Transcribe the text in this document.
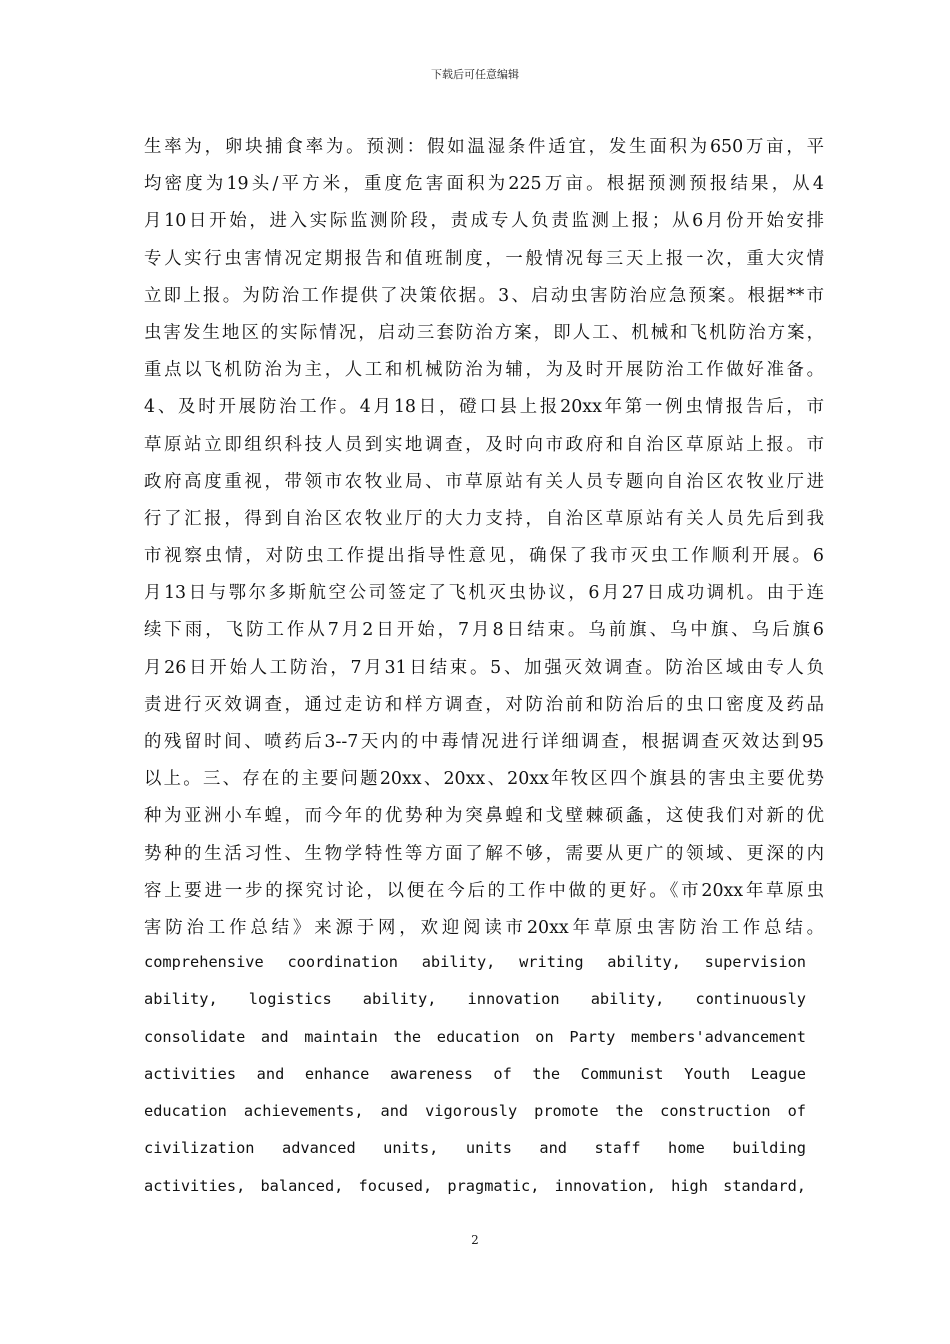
下载后可任意编辑
生率为，卵块捕食率为。预测：假如温湿条件适宜，发生面积为650万亩，平
均密度为19头/平方米，重度危害面积为225万亩。根据预测预报结果，从4
月10日开始，进入实际监测阶段，责成专人负责监测上报；从6月份开始安排
专人实行虫害情况定期报告和值班制度，一般情况每三天上报一次，重大灾情
立即上报。为防治工作提供了决策依据。3、启动虫害防治应急预案。根据**市
虫害发生地区的实际情况，启动三套防治方案，即人工、机械和飞机防治方案，
重点以飞机防治为主，人工和机械防治为辅，为及时开展防治工作做好准备。
4、及时开展防治工作。4月18日，磴口县上报20xx年第一例虫情报告后，市
草原站立即组织科技人员到实地调查，及时向市政府和自治区草原站上报。市
政府高度重视，带领市农牧业局、市草原站有关人员专题向自治区农牧业厅进
行了汇报，得到自治区农牧业厅的大力支持，自治区草原站有关人员先后到我
市视察虫情，对防虫工作提出指导性意见，确保了我市灭虫工作顺利开展。6
月13日与鄂尔多斯航空公司签定了飞机灭虫协议，6月27日成功调机。由于连
续下雨，飞防工作从7月2日开始，7月8日结束。乌前旗、乌中旗、乌后旗6
月26日开始人工防治，7月31日结束。5、加强灭效调查。防治区域由专人负
责进行灭效调查，通过走访和样方调查，对防治前和防治后的虫口密度及药品
的残留时间、喷药后3--7天内的中毒情况进行详细调查，根据调查灭效达到95
以上。三、存在的主要问题20xx、20xx、20xx年牧区四个旗县的害虫主要优势
种为亚洲小车蝗，而今年的优势种为突鼻蝗和戈壁棘硕螽，这使我们对新的优
势种的生活习性、生物学特性等方面了解不够，需要从更广的领域、更深的内
容上要进一步的探究讨论，以便在今后的工作中做的更好。《市20xx年草原虫
害防治工作总结》来源于网，欢迎阅读市20xx年草原虫害防治工作总结。
comprehensive coordination ability, writing ability, supervision
ability, logistics ability, innovation ability, continuously
consolidate and maintain the education on Party members'advancement
activities and enhance awareness of the Communist Youth League
education achievements, and vigorously promote the construction of
civilization advanced units, units and staff home building
activities, balanced, focused, pragmatic, innovation, high standard,
2
